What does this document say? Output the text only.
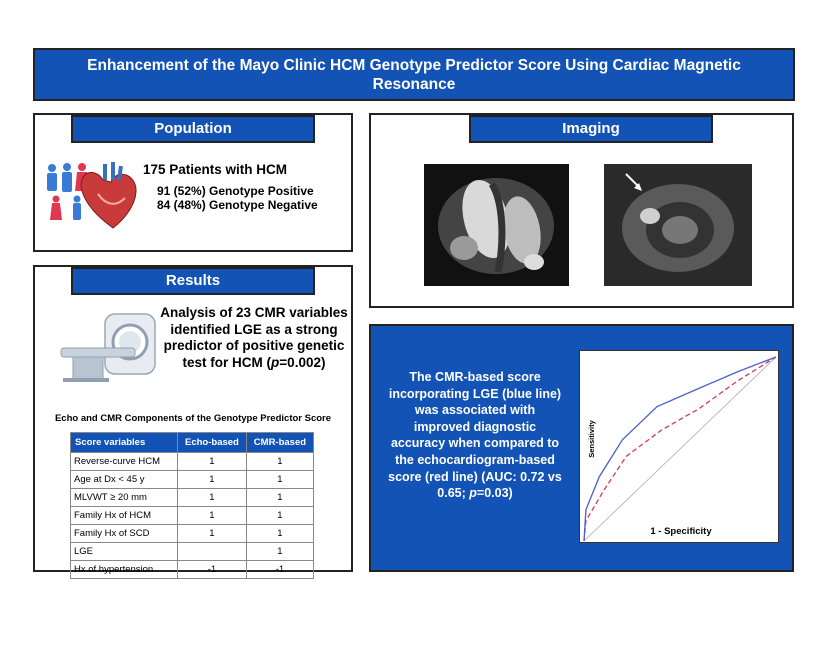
Enhancement of the Mayo Clinic HCM Genotype Predictor Score Using Cardiac Magnetic Resonance
Population
175 Patients with HCM
91 (52%) Genotype Positive
84 (48%) Genotype Negative
Imaging
Results
Analysis of 23 CMR variables identified LGE as a strong predictor of positive genetic test for HCM (p=0.002)
Echo and CMR Components of the Genotype Predictor Score
Score variables	Echo-based	CMR-based
Reverse-curve HCM	1	1
Age at Dx < 45 y	1	1
MLVWT ≥ 20 mm	1	1
Family Hx of HCM	1	1
Family Hx of SCD	1	1
LGE		1
Hx of hypertension	-1	-1
The CMR-based score incorporating LGE (blue line) was associated with improved diagnostic accuracy when compared to the echocardiogram-based score (red line) (AUC: 0.72 vs 0.65; p=0.03)
1 - Specificity
Sensitivity
